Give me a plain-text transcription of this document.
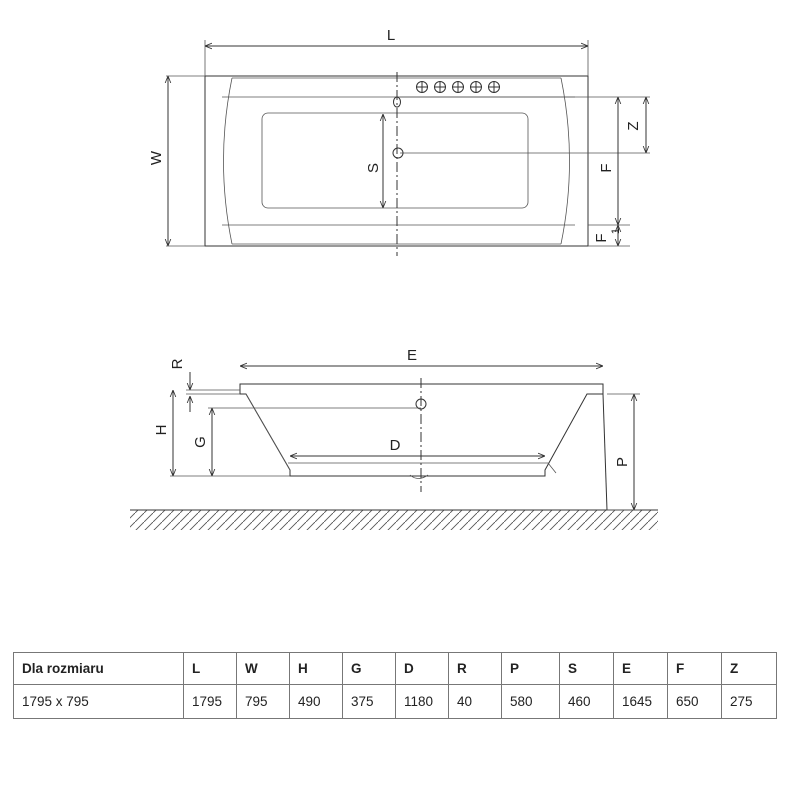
L
W
S
Z
F
F
1
E
R
H
G	D
P
Dla rozmiaru	L	W	H	G	D	R	P	S	E	F	Z
1795 x 795	1795	795	490	375	1180	40	580	460	1645	650	275
